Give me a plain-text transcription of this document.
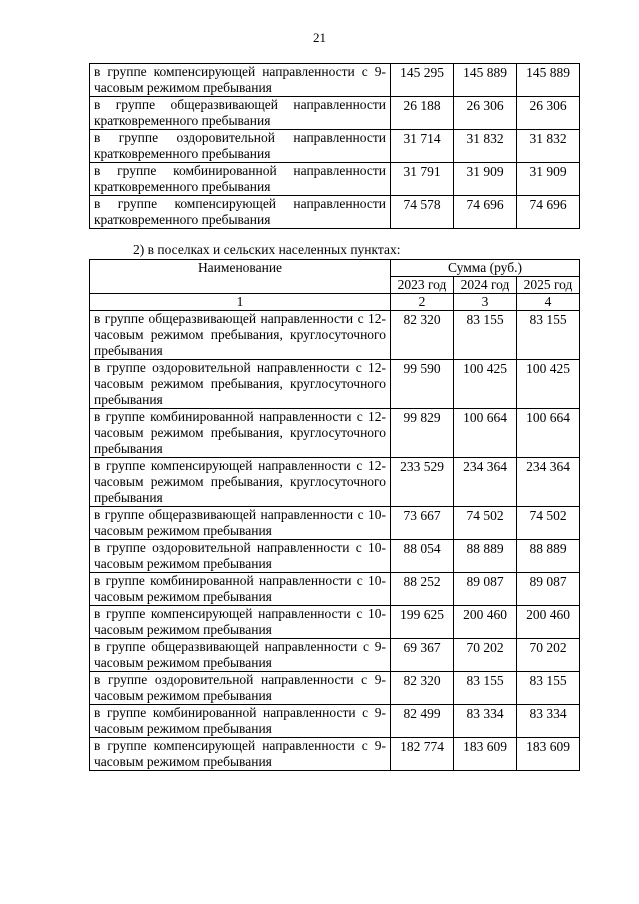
21
в группе компенсирующей направленности с 9-часовым режимом пребывания	145 295	145 889	145 889
в группе общеразвивающей направленности кратковременного пребывания	26 188	26 306	26 306
в группе оздоровительной направленности кратковременного пребывания	31 714	31 832	31 832
в группе комбинированной направленности кратковременного пребывания	31 791	31 909	31 909
в группе компенсирующей направленности кратковременного пребывания	74 578	74 696	74 696
2) в поселках и сельских населенных пунктах:
Наименование	Сумма (руб.)		
	2023 год	2024 год	2025 год
1	2	3	4
в группе общеразвивающей направленности с 12-часовым режимом пребывания, круглосуточного пребывания	82 320	83 155	83 155
в группе оздоровительной направленности с 12-часовым режимом пребывания, круглосуточного пребывания	99 590	100 425	100 425
в группе комбинированной направленности с 12-часовым режимом пребывания, круглосуточного пребывания	99 829	100 664	100 664
в группе компенсирующей направленности с 12-часовым режимом пребывания, круглосуточного пребывания	233 529	234 364	234 364
в группе общеразвивающей направленности с 10-часовым режимом пребывания	73 667	74 502	74 502
в группе оздоровительной направленности с 10-часовым режимом пребывания	88 054	88 889	88 889
в группе комбинированной направленности с 10-часовым режимом пребывания	88 252	89 087	89 087
в группе компенсирующей направленности с 10-часовым режимом пребывания	199 625	200 460	200 460
в группе общеразвивающей направленности с 9-часовым режимом пребывания	69 367	70 202	70 202
в группе оздоровительной направленности с 9-часовым режимом пребывания	82 320	83 155	83 155
в группе комбинированной направленности с 9-часовым режимом пребывания	82 499	83 334	83 334
в группе компенсирующей направленности с 9-часовым режимом пребывания	182 774	183 609	183 609
